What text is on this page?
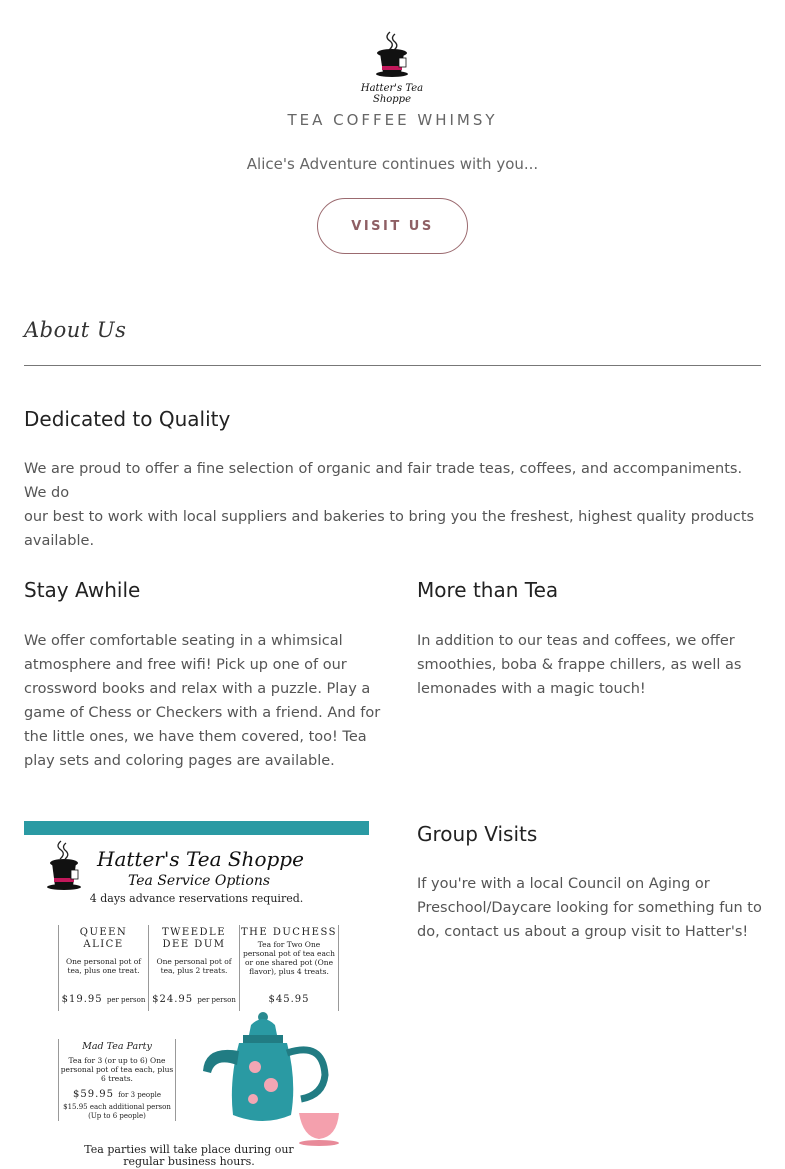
Hatter's Tea Shoppe
TEA COFFEE WHIMSY
Alice's Adventure continues with you...
VISIT US
About Us
Dedicated to Quality

We are proud to offer a fine selection of organic and fair trade teas, coffees, and accompaniments. We do
our best to work with local suppliers and bakeries to bring you the freshest, highest quality products
available.

Stay Awhile

We offer comfortable seating in a whimsical
atmosphere and free wifi! Pick up one of our
crossword books and relax with a puzzle. Play a
game of Chess or Checkers with a friend. And for
the little ones, we have them covered, too! Tea
play sets and coloring pages are available.

More than Tea

In addition to our teas and coffees, we offer
smoothies, boba & frappe chillers, as well as
lemonades with a magic touch!

Group Visits

If you're with a local Council on Aging or
Preschool/Daycare looking for something fun to
do, contact us about a group visit to Hatter's!

Hatter's Tea Shoppe
Tea Service Options
4 days advance reservations required.
QUEEN ALICE
One personal pot of tea, plus one treat.
$19.95 per person
TWEEDLE DEE DUM
One personal pot of tea, plus 2 treats.
$24.95 per person
THE DUCHESS
Tea for Two One personal pot of tea each or one shared pot (One flavor), plus 4 treats.
$45.95
Mad Tea Party
Tea for 3 (or up to 6) One personal pot of tea each, plus 6 treats.
$59.95 for 3 people
$15.95 each additional person (Up to 6 people)
Tea parties will take place during our regular business hours.
